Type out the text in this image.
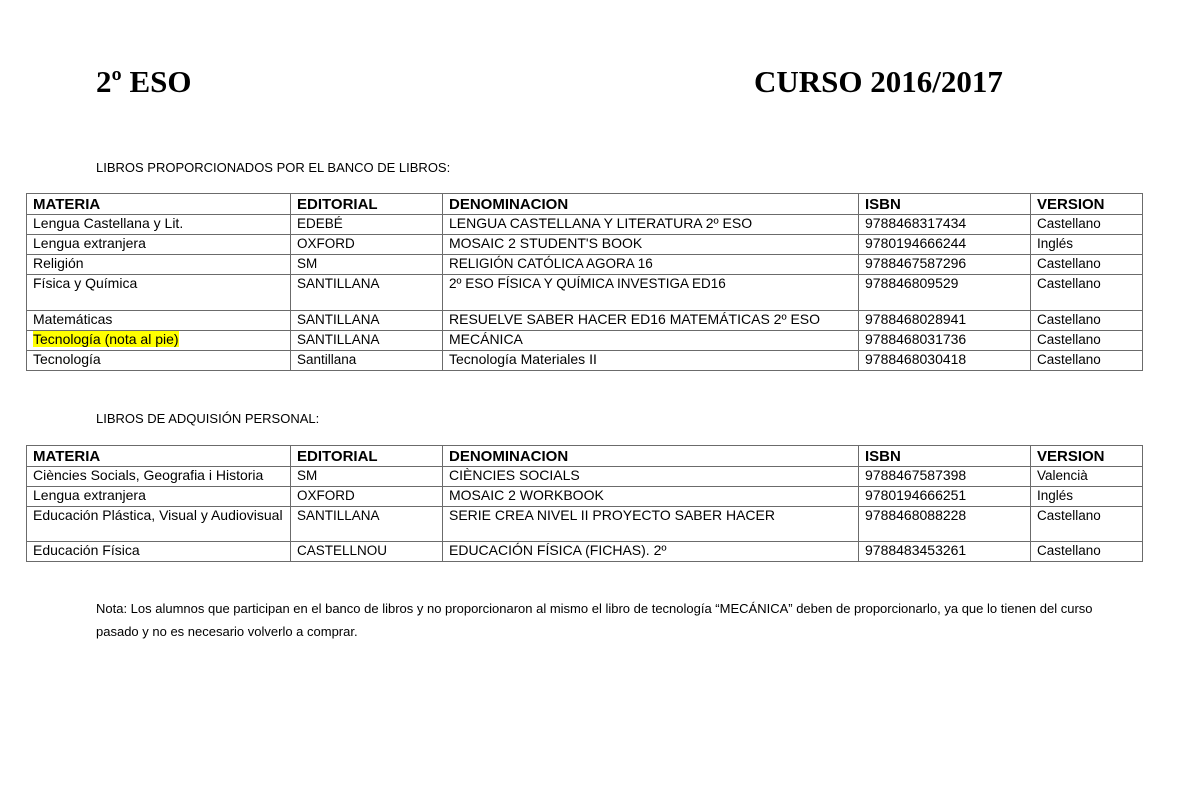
2º ESO	CURSO 2016/2017
LIBROS PROPORCIONADOS POR EL BANCO DE LIBROS:
MATERIA	EDITORIAL	DENOMINACION	ISBN	VERSION
Lengua Castellana y Lit.	EDEBÉ	LENGUA CASTELLANA Y LITERATURA 2º ESO	9788468317434	Castellano
Lengua extranjera	OXFORD	MOSAIC 2 STUDENT'S BOOK	9780194666244	Inglés
Religión	SM	RELIGIÓN CATÓLICA AGORA 16	9788467587296	Castellano
Física y Química	SANTILLANA	2º ESO FÍSICA Y QUÍMICA INVESTIGA ED16	978846809529	Castellano
Matemáticas	SANTILLANA	RESUELVE SABER HACER ED16 MATEMÁTICAS 2º ESO	9788468028941	Castellano
Tecnología (nota al pie)	SANTILLANA	MECÁNICA	9788468031736	Castellano
Tecnología	Santillana	Tecnología Materiales II	9788468030418	Castellano
LIBROS DE ADQUISIÓN PERSONAL:
MATERIA	EDITORIAL	DENOMINACION	ISBN	VERSION
Ciències Socials, Geografia i Historia	SM	CIÈNCIES SOCIALS	9788467587398	Valencià
Lengua extranjera	OXFORD	MOSAIC 2 WORKBOOK	9780194666251	Inglés
Educación Plástica, Visual y Audiovisual	SANTILLANA	SERIE CREA NIVEL II PROYECTO SABER HACER	9788468088228	Castellano
Educación Física	CASTELLNOU	EDUCACIÓN FÍSICA (FICHAS). 2º	9788483453261	Castellano
Nota: Los alumnos que participan en el banco de libros y no proporcionaron al mismo el libro de tecnología “MECÁNICA” deben de proporcionarlo, ya que lo tienen del curso pasado y no es necesario volverlo a comprar.
